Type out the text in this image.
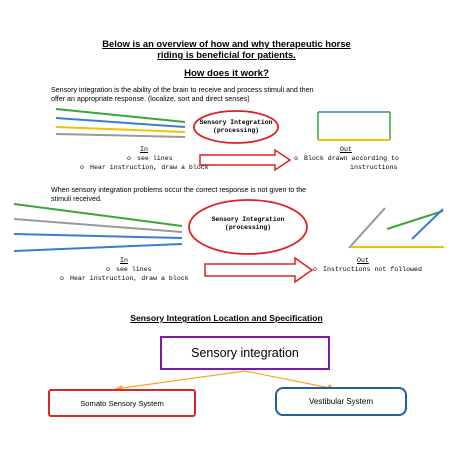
Below is an overview of how and why therapeutic horse
riding is beneficial for patients.
How does it work?
Sensory integration is the ability of the brain to receive and process stimuli and then
offer an appropriate response. (localize, sort and direct senses)
Sensory Integration
(processing)
In
o see lines
o Hear instruction, draw a block
Out
o Block drawn according to
instructions
When sensory integration problems occur the correct response is not given to the
stimuli received.
Sensory Integration
(processing)
In
o see lines
o Hear instruction, draw a block
Out
o Instructions not followed
Sensory Integration Location and Specification
Sensory integration
Somato Sensory System	Vestibular System
